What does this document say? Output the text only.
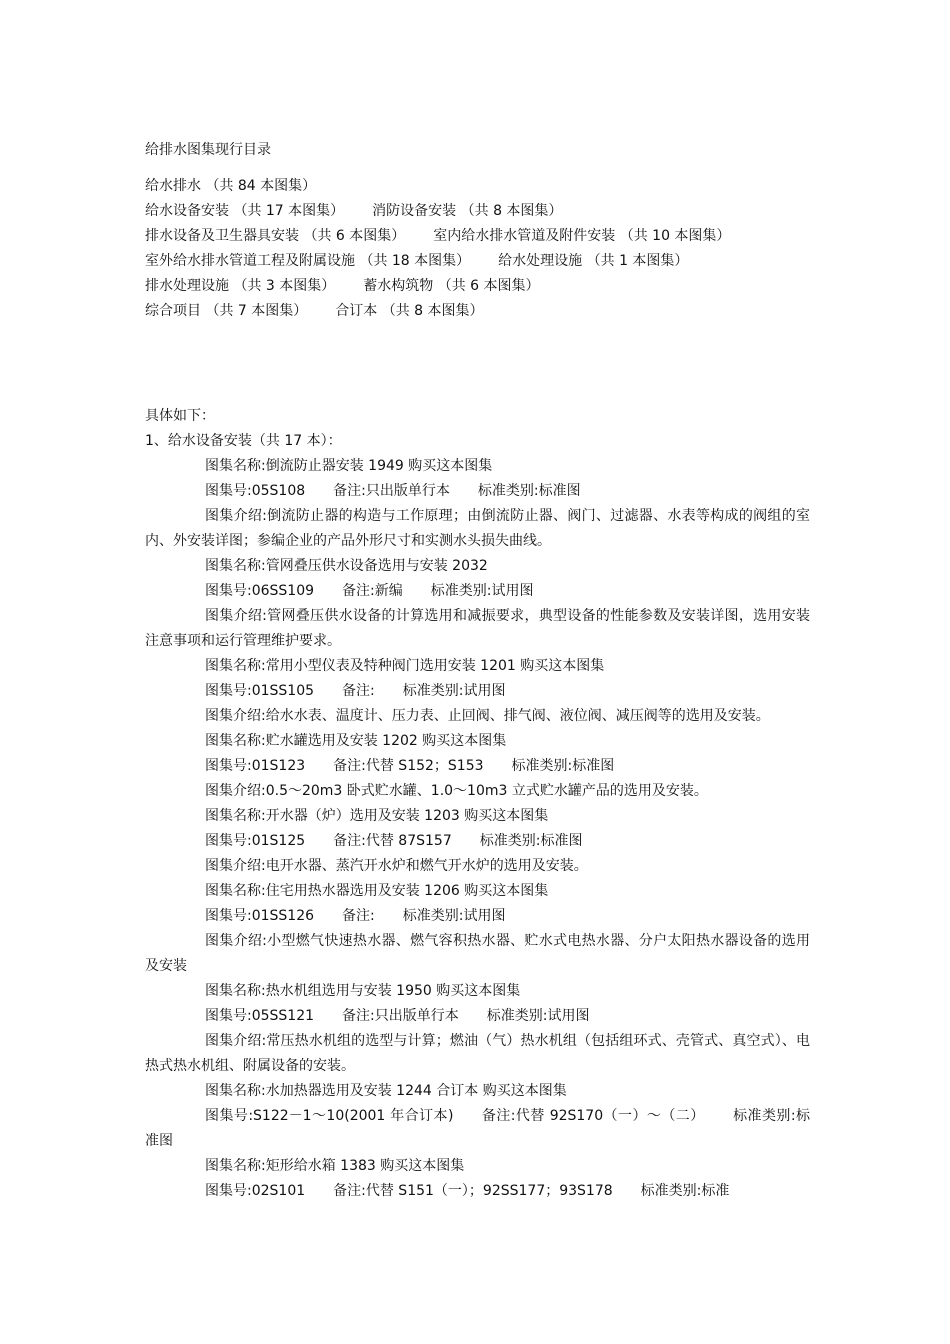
给排水图集现行目录
给水排水 （共 84 本图集）
给水设备安装 （共 17 本图集） 消防设备安装 （共 8 本图集）
排水设备及卫生器具安装 （共 6 本图集） 室内给水排水管道及附件安装 （共 10 本图集）
室外给水排水管道工程及附属设施 （共 18 本图集） 给水处理设施 （共 1 本图集）
排水处理设施 （共 3 本图集） 蓄水构筑物 （共 6 本图集）
综合项目 （共 7 本图集） 合订本 （共 8 本图集）
具体如下：
1、给水设备安装（共 17 本）：
图集名称:倒流防止器安装 1949 购买这本图集
图集号:05S108 备注:只出版单行本 标准类别:标准图
图集介绍:倒流防止器的构造与工作原理；由倒流防止器、阀门、过滤器、水表等构成的阀组的室内、外安装详图；参编企业的产品外形尺寸和实测水头损失曲线。
图集名称:管网叠压供水设备选用与安装 2032
图集号:06SS109 备注:新编 标准类别:试用图
图集介绍:管网叠压供水设备的计算选用和减振要求，典型设备的性能参数及安装详图，选用安装注意事项和运行管理维护要求。
图集名称:常用小型仪表及特种阀门选用安装 1201 购买这本图集
图集号:01SS105 备注: 标准类别:试用图
图集介绍:给水水表、温度计、压力表、止回阀、排气阀、液位阀、减压阀等的选用及安装。
图集名称:贮水罐选用及安装 1202 购买这本图集
图集号:01S123 备注:代替 S152；S153 标准类别:标准图
图集介绍:0.5～20m3 卧式贮水罐、1.0～10m3 立式贮水罐产品的选用及安装。
图集名称:开水器（炉）选用及安装 1203 购买这本图集
图集号:01S125 备注:代替 87S157 标准类别:标准图
图集介绍:电开水器、蒸汽开水炉和燃气开水炉的选用及安装。
图集名称:住宅用热水器选用及安装 1206 购买这本图集
图集号:01SS126 备注: 标准类别:试用图
图集介绍:小型燃气快速热水器、燃气容积热水器、贮水式电热水器、分户太阳热水器设备的选用及安装
图集名称:热水机组选用与安装 1950 购买这本图集
图集号:05SS121 备注:只出版单行本 标准类别:试用图
图集介绍:常压热水机组的选型与计算；燃油（气）热水机组（包括组环式、壳管式、真空式）、电热式热水机组、附属设备的安装。
图集名称:水加热器选用及安装 1244 合订本 购买这本图集
图集号:S122－1～10(2001 年合订本) 备注:代替 92S170（一）～（二） 标准类别:标准图
图集名称:矩形给水箱 1383 购买这本图集
图集号:02S101 备注:代替 S151（一）；92SS177；93S178 标准类别:标准
